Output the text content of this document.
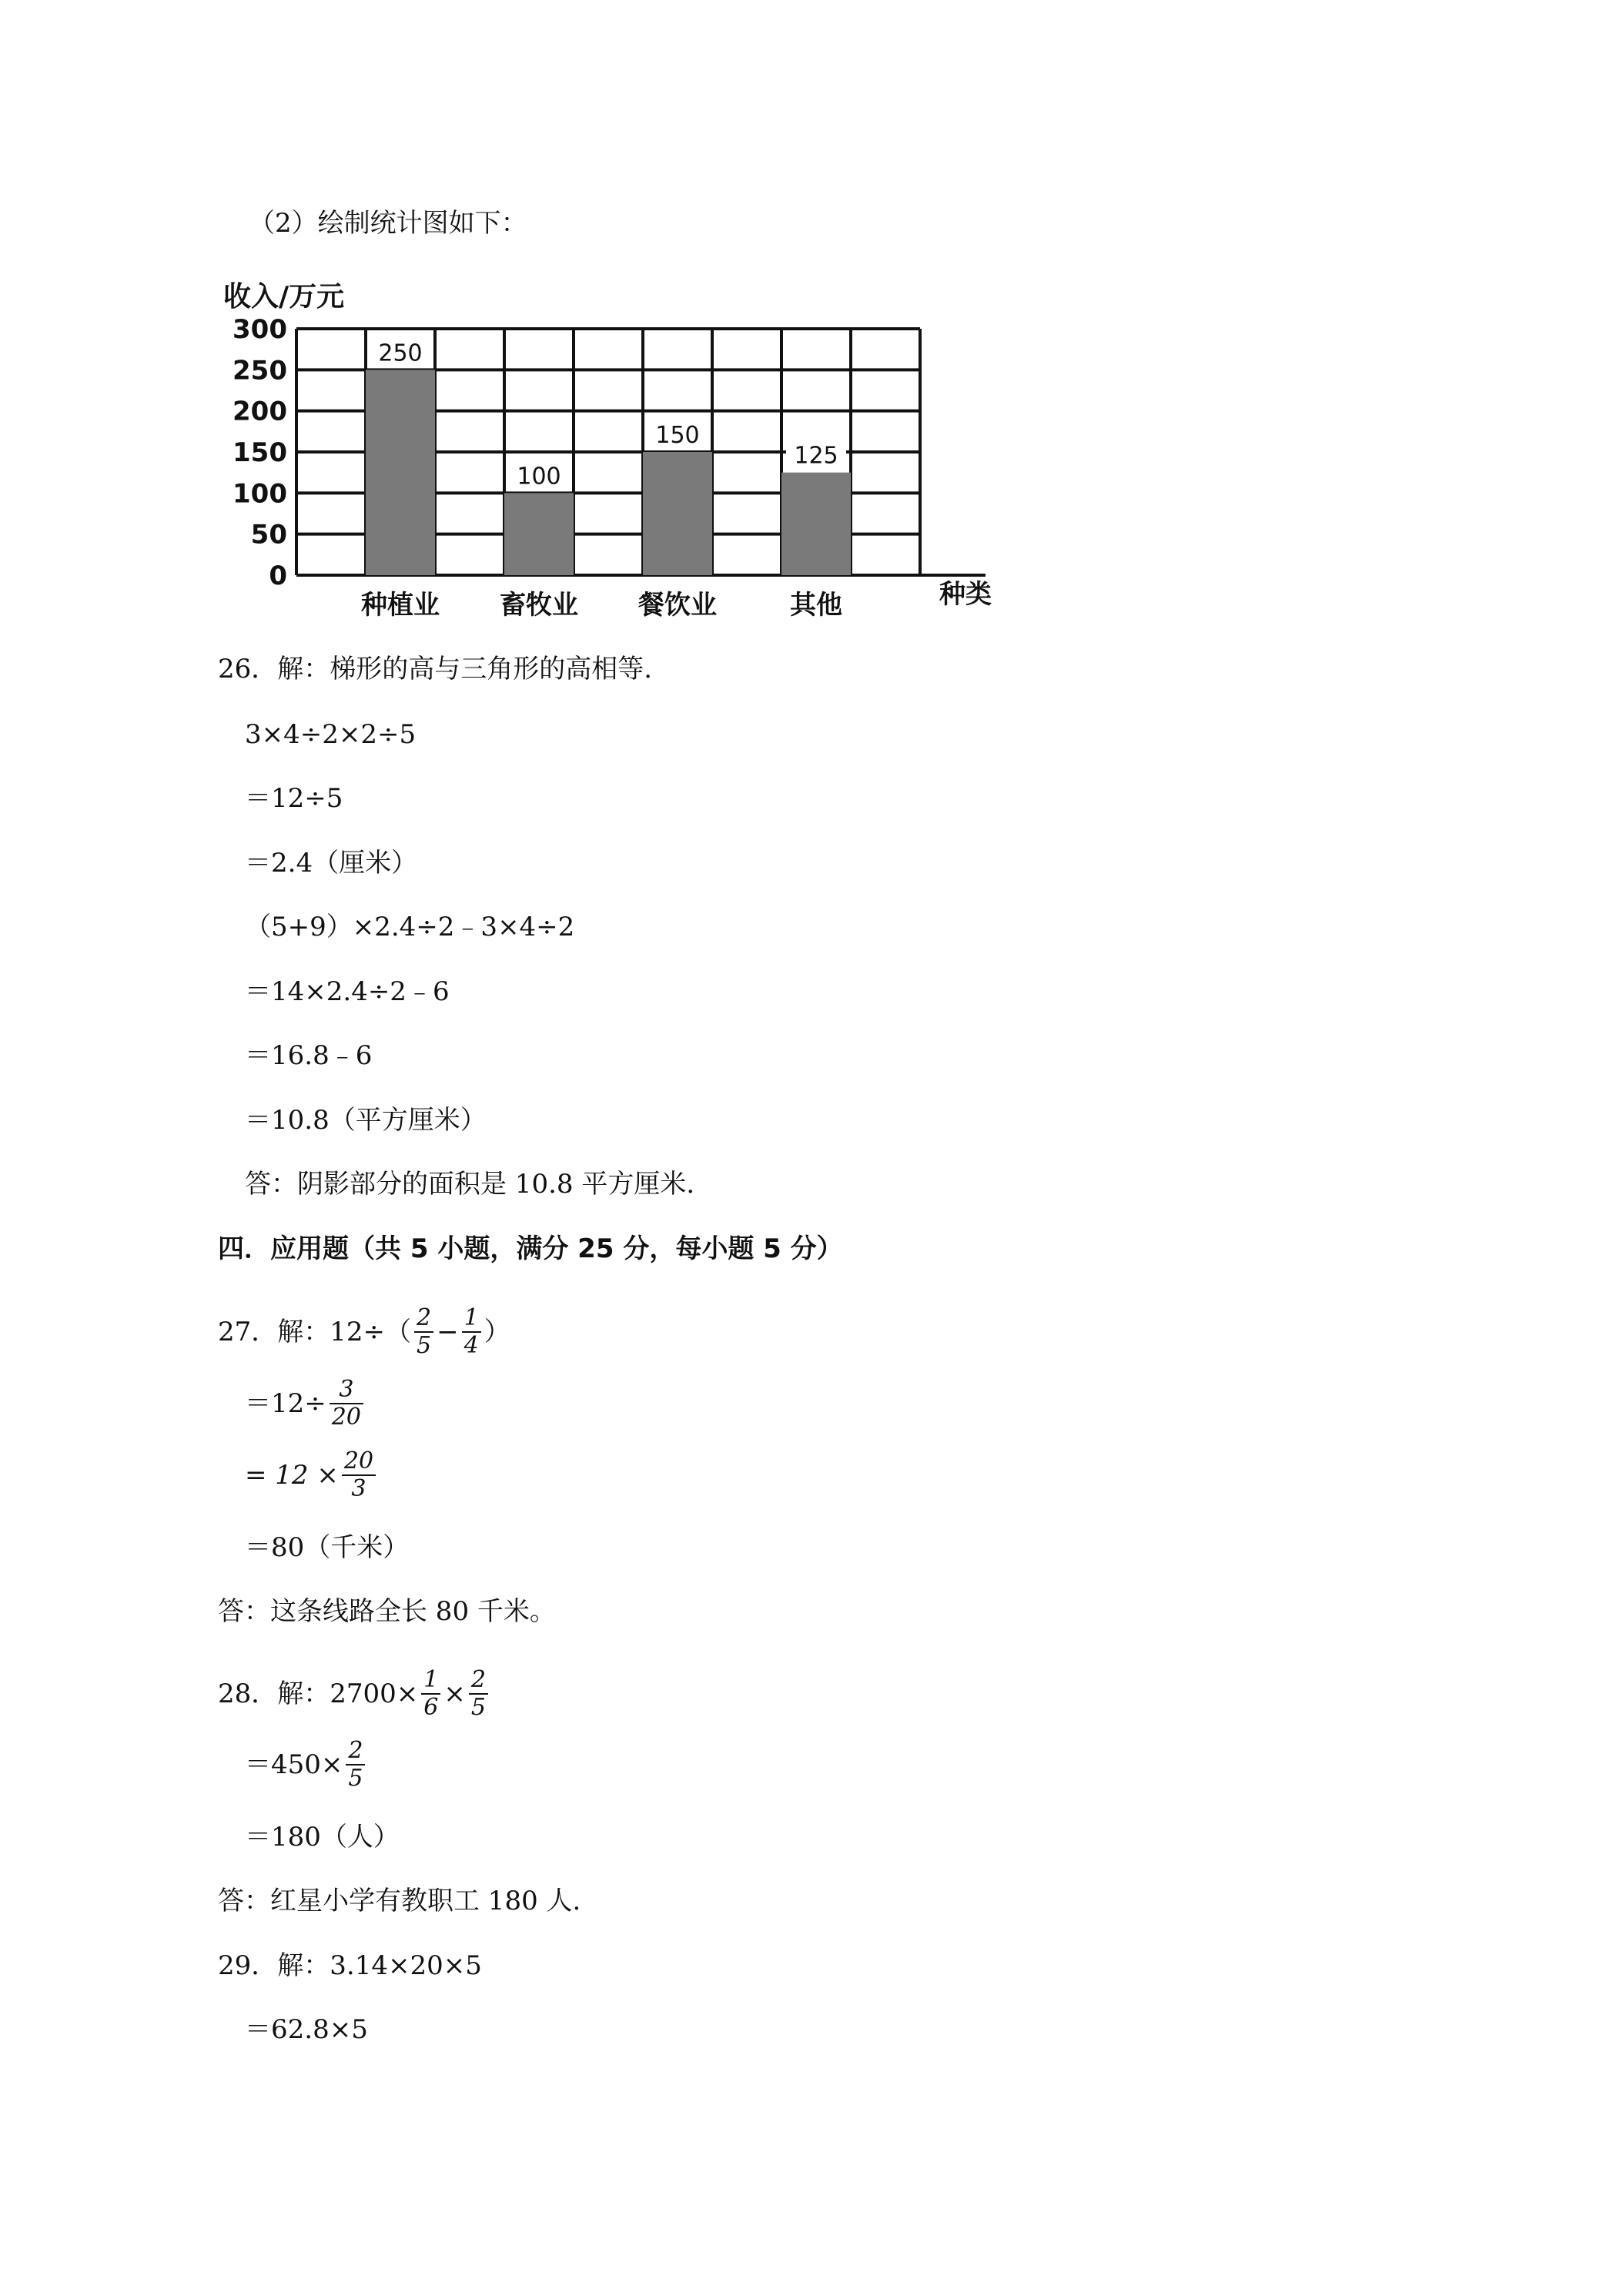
（2）绘制统计图如下：
收入/万元
250
100
150
125
300
250
200
150
100
50
0
种植业 畜牧业 餐饮业	其他	种类
26．解：梯形的高与三角形的高相等.
3×4÷2×2÷5
＝12÷5
＝2.4（厘米）
（5+9）×2.4÷2﹣3×4÷2
＝14×2.4÷2﹣6
＝16.8﹣6
＝10.8（平方厘米）
答：阴影部分的面积是 10.8 平方厘米.
四．应用题（共 5 小题，满分 25 分，每小题 5 分）
27．解：$12\div( \frac{2}{5} - \frac{1}{4}$ ）
$=12\div \frac{3}{20}$
= $12 \times \frac{20}{3}$
＝80（千米）
答：这条线路全长 80 千米。
28．解：$2700\times \frac{1}{6} \times \frac{2}{5}$
$=450\times \frac{2}{5}$
＝180（人）
答：红星小学有教职工 180 人.
29．解：3.14×20×5
＝62.8×5
